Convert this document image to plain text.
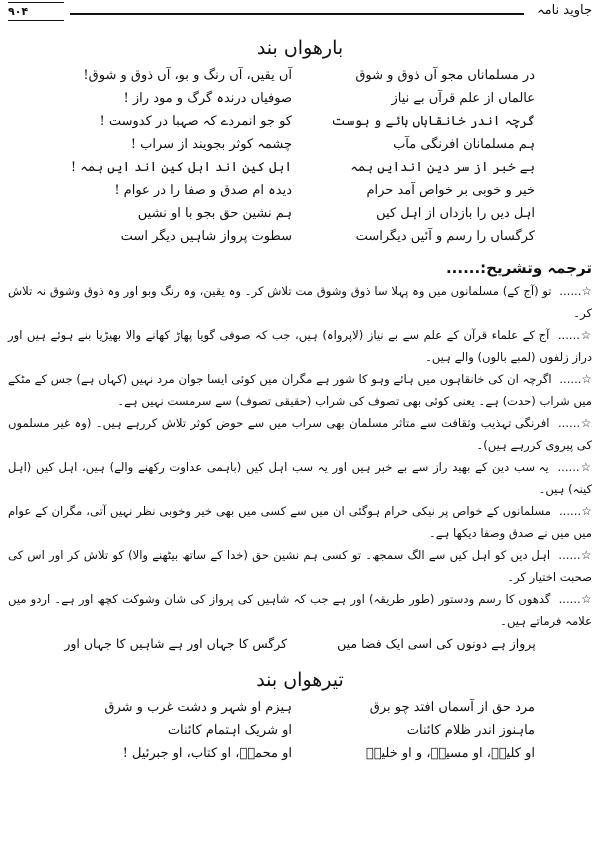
۹۰۴	جاوید نامہ
بارھواں بند
در مسلماناں مجو آں ذوق و شوق
آں یقیں، آں رنگ و بو، آں ذوق و شوق!
عالماں از علم قرآں بے نیاز
صوفیاں درندہ گرگ و مود راز !
گرچہ اندر خانقاہاں ہائے و ہوست
کو جو انمردے کہ صہبا در کدوست !
ہم مسلمانان افرنگی مآب
چشمہ کوثر بجویند از سراب !
بے خبر از سر دین اندایں ہمہ
اہل کین اند اہل کین اند ایں ہمہ !
خیر و خوبی بر خواص آمد حرام
دیدہ ام صدق و صفا را در عوام !
اہل دیں را بازداں از اہل کیں
ہم نشین حق بجو با او نشیں
کرگساں را رسم و آئیں دیگراست
سطوت پرواز شاہیں دیگر است
ترجمہ وتشریح:......

☆...... تو (آج کے) مسلمانوں میں وہ پہلا سا ذوق وشوق مت تلاش کر۔ وہ یقین، وہ رنگ وبو اور وہ ذوق وشوق نہ تلاش کر۔

☆...... آج کے علماء قرآن کے علم سے بے نیاز (لاپرواہ) ہیں، جب کہ صوفی گویا پھاڑ کھانے والا بھیڑیا بنے ہوئے ہیں اور دراز زلفوں (لمبے بالوں) والے ہیں۔

☆...... اگرچہ ان کی خانقاہوں میں ہائے وہو کا شور ہے مگران میں کوئی ایسا جوان مرد نہیں (کہاں ہے) جس کے مٹکے میں شراب (حدت) ہے۔ یعنی کوئی بھی تصوف کی شراب (حقیقی تصوف) سے سرمست نہیں ہے۔

☆...... افرنگی تہذیب وثقافت سے متاثر مسلمان بھی سراب میں سے حوض کوثر تلاش کررہے ہیں۔ (وہ غیر مسلموں کی پیروی کررہے ہیں)۔

☆...... یہ سب دین کے بھید راز سے بے خبر ہیں اور یہ سب اہل کیں (باہمی عداوت رکھنے والے) ہیں، اہل کیں (اہل کینہ) ہیں۔

☆...... مسلمانوں کے خواص پر نیکی حرام ہوگئی ان میں سے کسی میں بھی خیر وخوبی نظر نہیں آتی، مگران کے عوام میں میں نے صدق وصفا دیکھا ہے۔

☆...... اہل دیں کو اہل کیں سے الگ سمجھ۔ تو کسی ہم نشین حق (خدا کے ساتھ بیٹھنے والا) کو تلاش کر اور اس کی صحبت اختیار کر۔

☆...... گدھوں کا رسم ودستور (طور طریقہ) اور ہے جب کہ شاہیں کی پرواز کی شان وشوکت کچھ اور ہے۔ اردو میں علامہ فرماتے ہیں۔

پرواز ہے دونوں کی اسی ایک فضا میں
کرگس کا جہاں اور ہے شاہیں کا جہاں اور
تیرھواں بند
مرد حق از آسماں افتد چو برق
ہیزم او شہر و دشت غرب و شرق
ماہنوز اندر ظلام کائنات
او شریک اہتمام کائنات
او کلیمؑ، او مسیحؑ، و او خلیلؑ
او محمدؐ، او کتاب، او جبرئیل !
